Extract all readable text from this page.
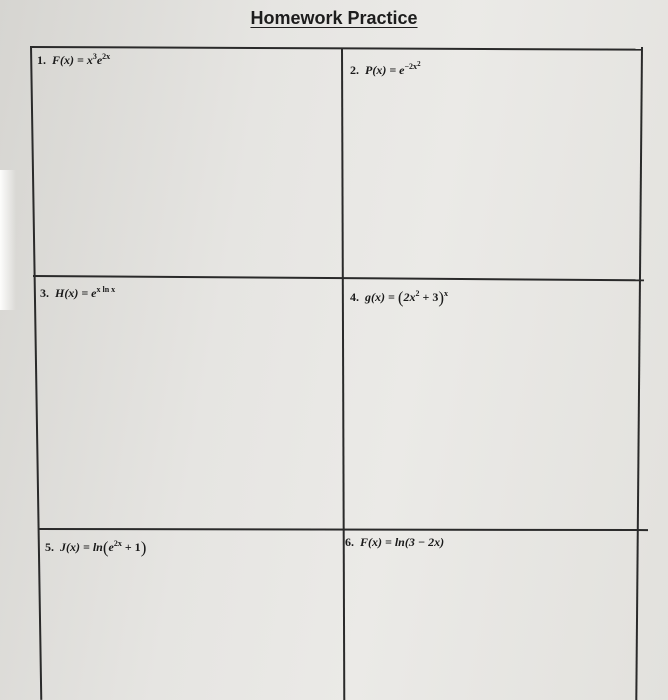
Homework Practice
1. $F(x) = x^3e^{2x}$
2. $P(x) = e^{-2x^2}$
3. $H(x) = e^{x ln x}$
4. $g(x) = (2x^2 + 3)^x$
5. $J(x) = \ln(e^{2x} + 1)$	6. F(x) = ln(3 − 2x)
